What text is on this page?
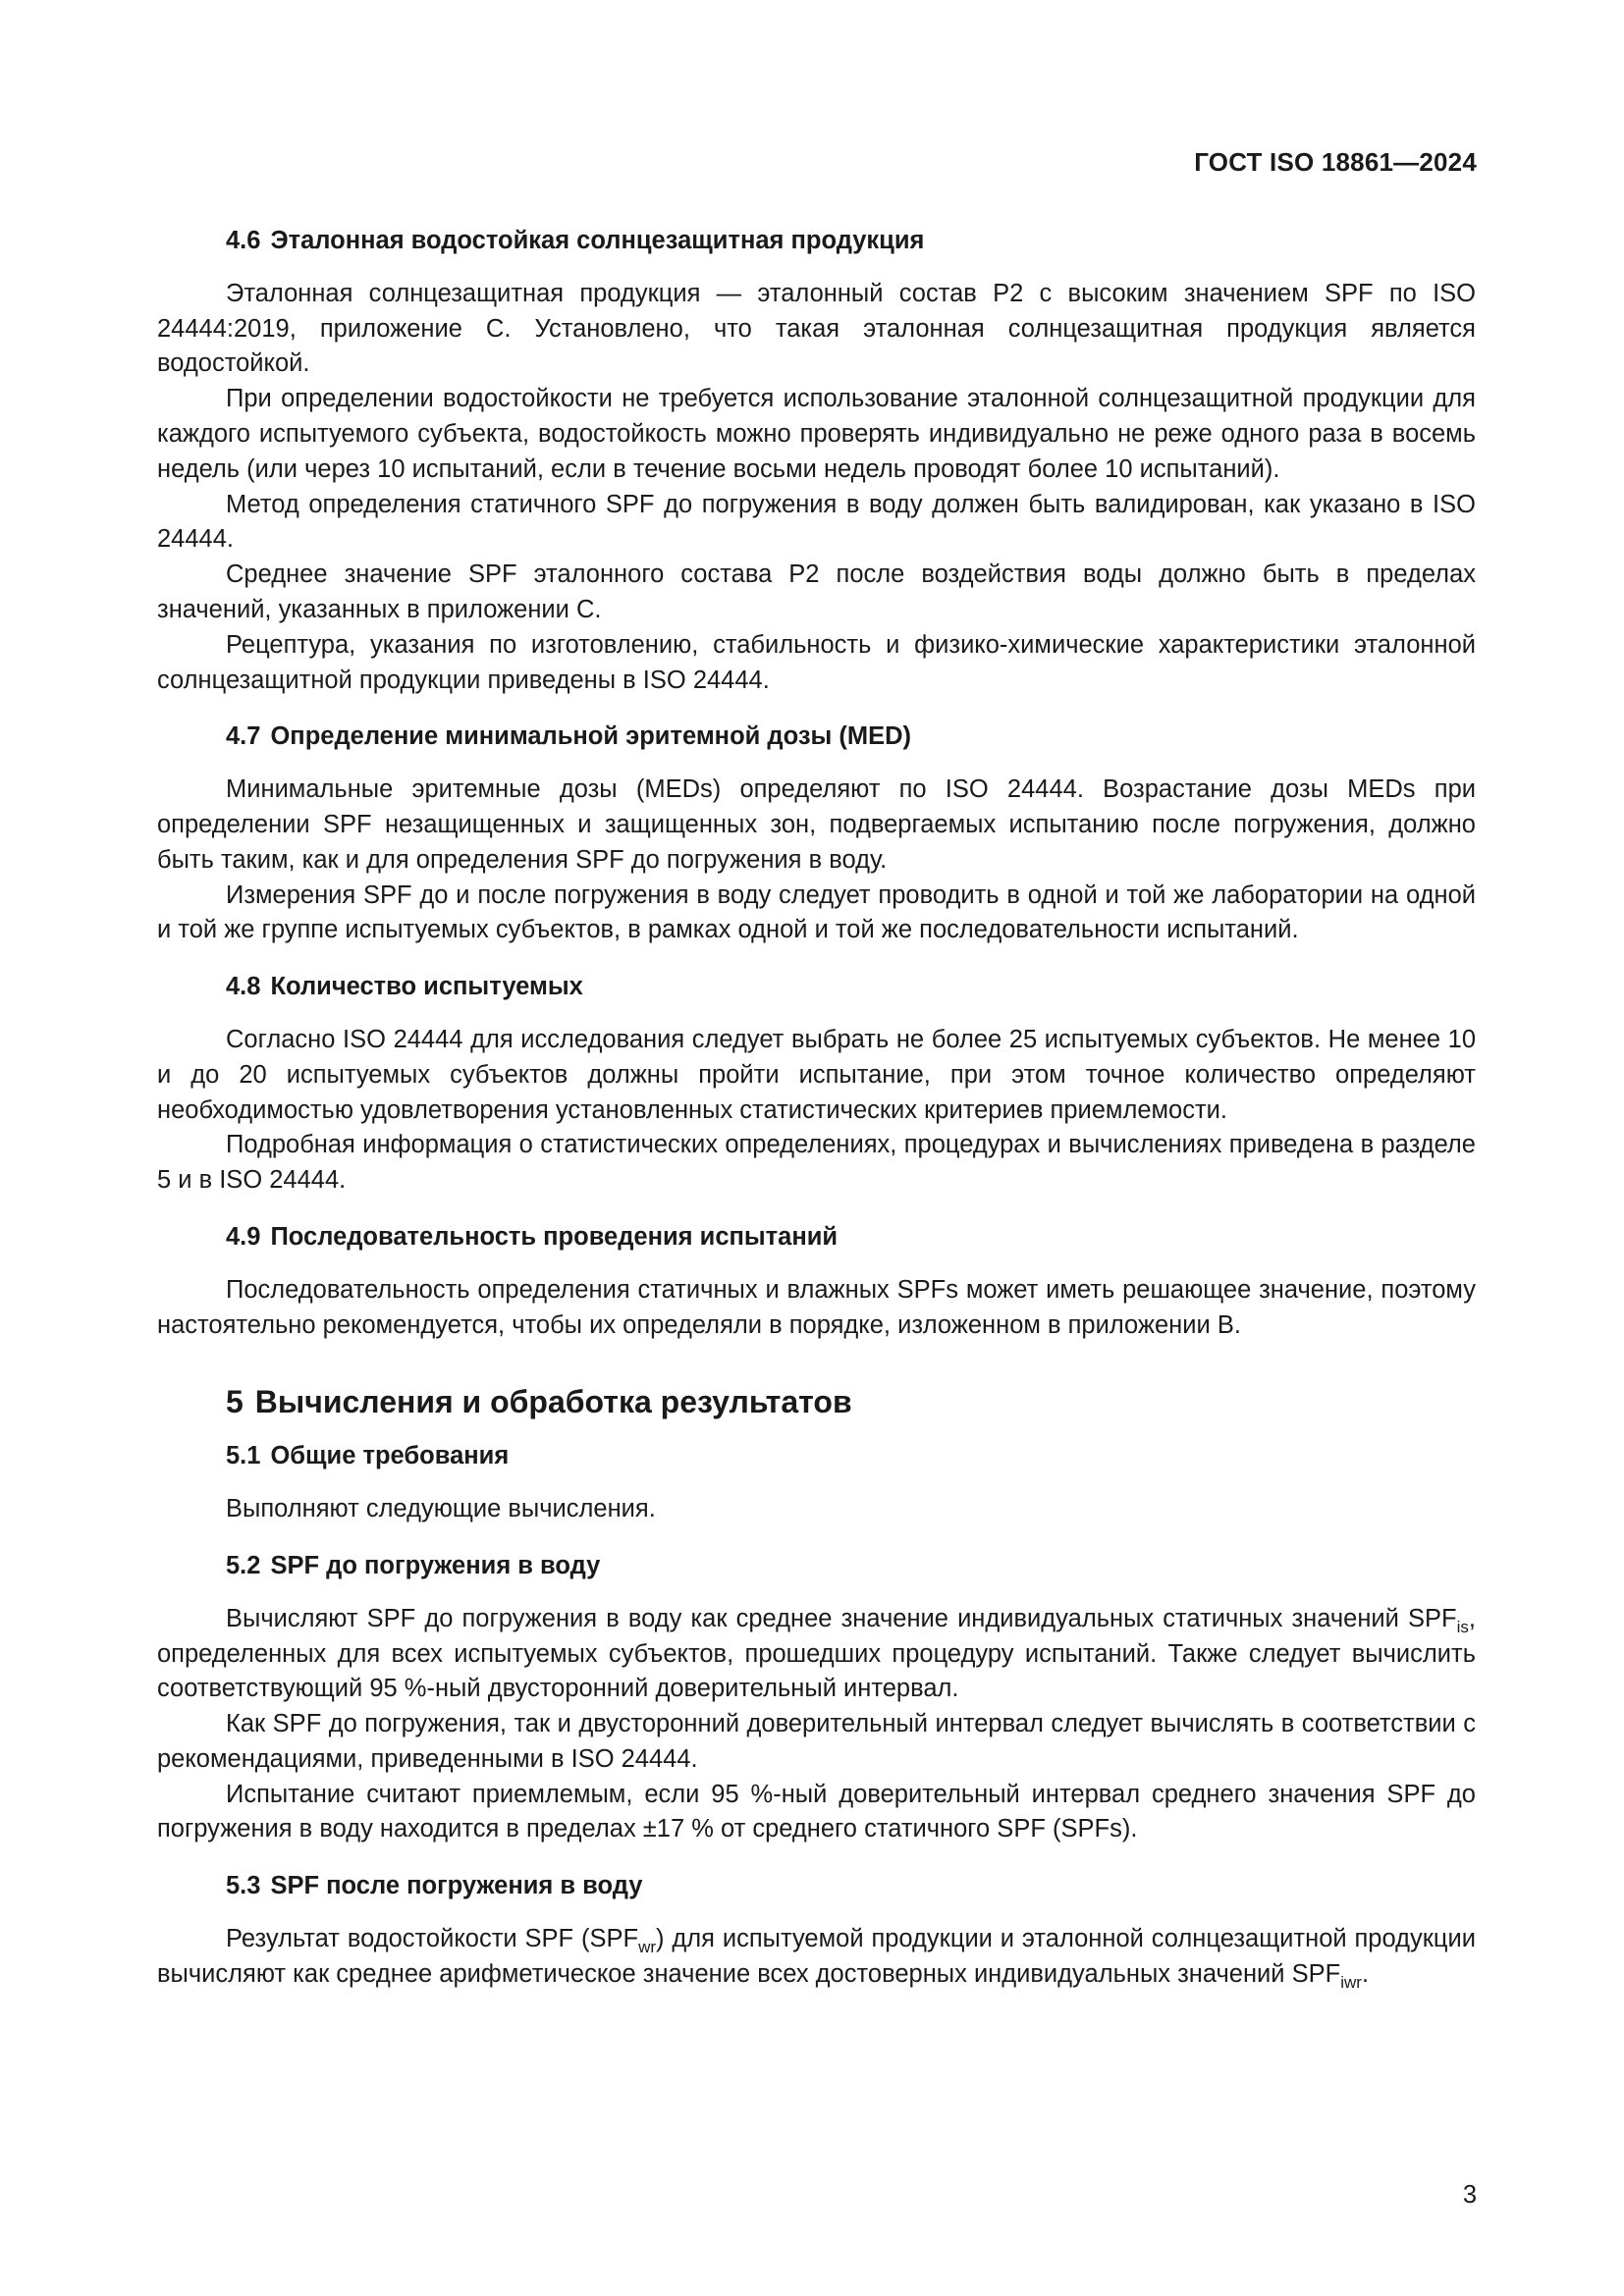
ГОСТ ISO 18861—2024
4.6 Эталонная водостойкая солнцезащитная продукция

Эталонная солнцезащитная продукция — эталонный состав Р2 с высоким значением SPF по ISO 24444:2019, приложение С. Установлено, что такая эталонная солнцезащитная продукция является водостойкой.

При определении водостойкости не требуется использование эталонной солнцезащитной продукции для каждого испытуемого субъекта, водостойкость можно проверять индивидуально не реже одного раза в восемь недель (или через 10 испытаний, если в течение восьми недель проводят более 10 испытаний).

Метод определения статичного SPF до погружения в воду должен быть валидирован, как указано в ISO 24444.

Среднее значение SPF эталонного состава Р2 после воздействия воды должно быть в пределах значений, указанных в приложении С.

Рецептура, указания по изготовлению, стабильность и физико-химические характеристики эталонной солнцезащитной продукции приведены в ISO 24444.

4.7 Определение минимальной эритемной дозы (MED)

Минимальные эритемные дозы (MEDs) определяют по ISO 24444. Возрастание дозы MEDs при определении SPF незащищенных и защищенных зон, подвергаемых испытанию после погружения, должно быть таким, как и для определения SPF до погружения в воду.

Измерения SPF до и после погружения в воду следует проводить в одной и той же лаборатории на одной и той же группе испытуемых субъектов, в рамках одной и той же последовательности испытаний.

4.8 Количество испытуемых

Согласно ISO 24444 для исследования следует выбрать не более 25 испытуемых субъектов. Не менее 10 и до 20 испытуемых субъектов должны пройти испытание, при этом точное количество определяют необходимостью удовлетворения установленных статистических критериев приемлемости.

Подробная информация о статистических определениях, процедурах и вычислениях приведена в разделе 5 и в ISO 24444.

4.9 Последовательность проведения испытаний

Последовательность определения статичных и влажных SPFs может иметь решающее значение, поэтому настоятельно рекомендуется, чтобы их определяли в порядке, изложенном в приложении В.

5 Вычисления и обработка результатов
5.1 Общие требования

Выполняют следующие вычисления.

5.2 SPF до погружения в воду

Вычисляют SPF до погружения в воду как среднее значение индивидуальных статичных значений $SPF_{is}$, определенных для всех испытуемых субъектов, прошедших процедуру испытаний. Также следует вычислить соответствующий 95 %-ный двусторонний доверительный интервал.

Как SPF до погружения, так и двусторонний доверительный интервал следует вычислять в соответствии с рекомендациями, приведенными в ISO 24444.

Испытание считают приемлемым, если 95 %-ный доверительный интервал среднего значения SPF до погружения в воду находится в пределах ±17 % от среднего статичного SPF (SPFs).

5.3 SPF после погружения в воду

Результат водостойкости SPF $(SPF_{wr})$ для испытуемой продукции и эталонной солнцезащитной продукции вычисляют как среднее арифметическое значение всех достоверных индивидуальных значений $SPF_{iwr}$.

3
